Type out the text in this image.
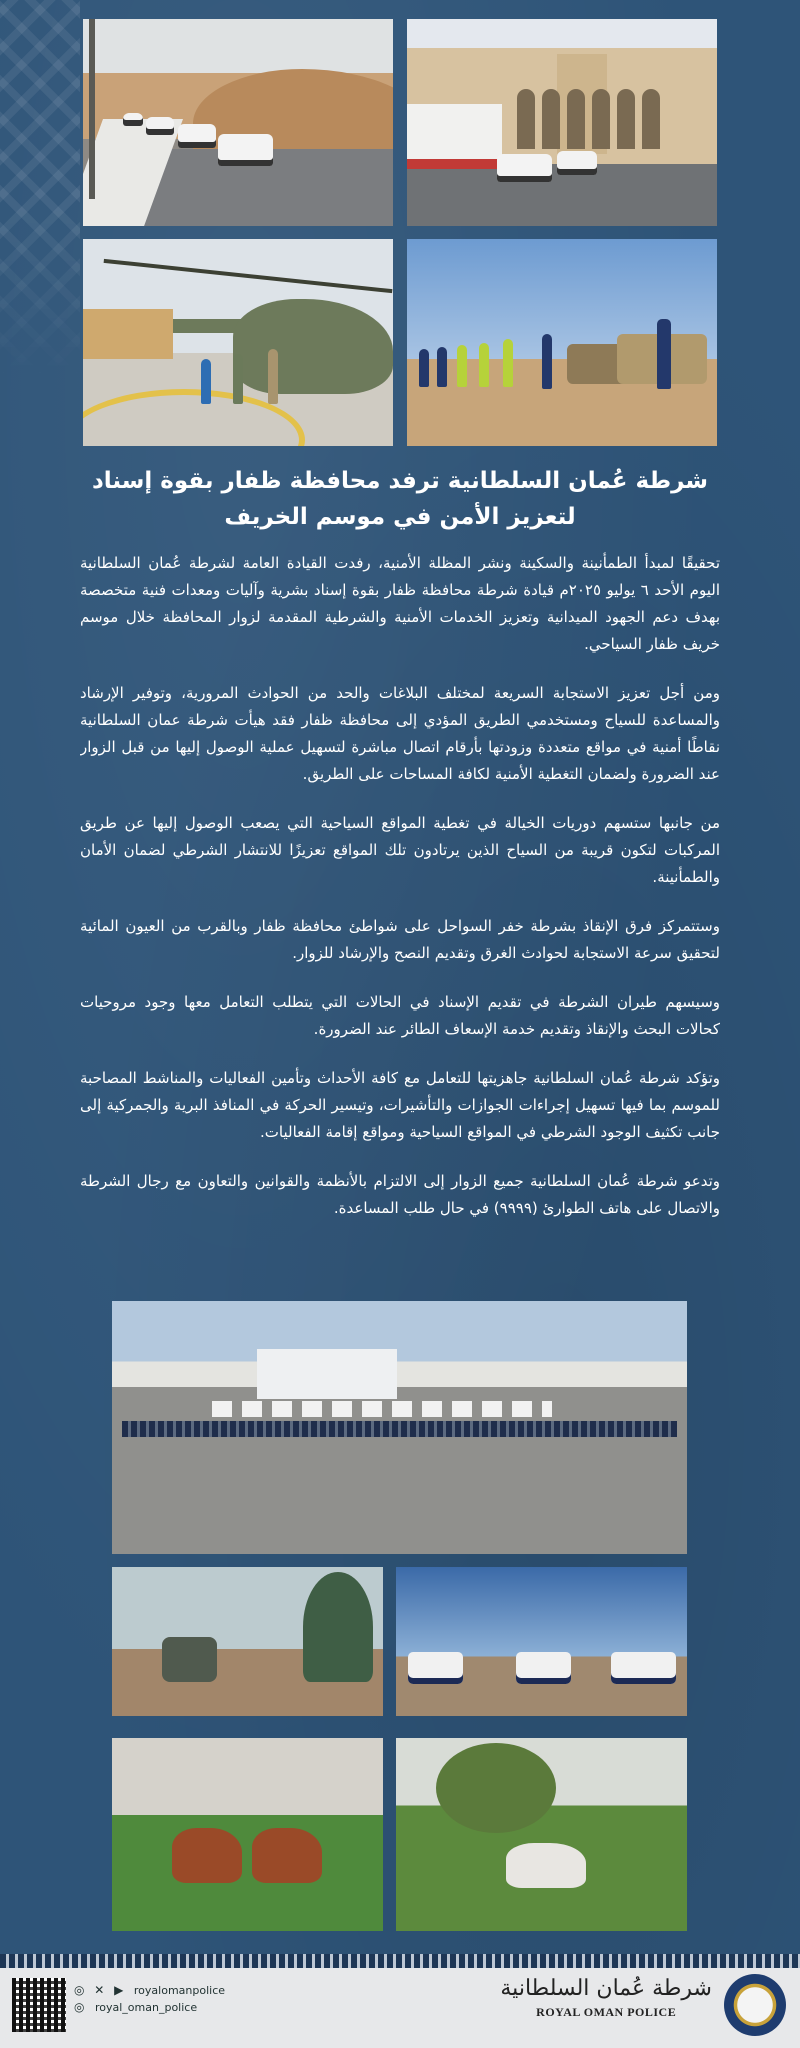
شرطة عُمان السلطانية ترفد محافظة ظفار بقوة إسناد
لتعزيز الأمن في موسم الخريف

تحقيقًا لمبدأ الطمأنينة والسكينة ونشر المظلة الأمنية، رفدت القيادة العامة لشرطة عُمان السلطانية اليوم الأحد ٦ يوليو ٢٠٢٥م قيادة شرطة محافظة ظفار بقوة إسناد بشرية وآليات ومعدات فنية متخصصة بهدف دعم الجهود الميدانية وتعزيز الخدمات الأمنية والشرطية المقدمة لزوار المحافظة خلال موسم خريف ظفار السياحي.

ومن أجل تعزيز الاستجابة السريعة لمختلف البلاغات والحد من الحوادث المرورية، وتوفير الإرشاد والمساعدة للسياح ومستخدمي الطريق المؤدي إلى محافظة ظفار فقد هيأت شرطة عمان السلطانية نقاطًا أمنية في مواقع متعددة وزودتها بأرقام اتصال مباشرة لتسهيل عملية الوصول إليها من قبل الزوار عند الضرورة ولضمان التغطية الأمنية لكافة المساحات على الطريق.

من جانبها ستسهم دوريات الخيالة في تغطية المواقع السياحية التي يصعب الوصول إليها عن طريق المركبات لتكون قريبة من السياح الذين يرتادون تلك المواقع تعزيزًا للانتشار الشرطي لضمان الأمان والطمأنينة.

وستتمركز فرق الإنقاذ بشرطة خفر السواحل على شواطئ محافظة ظفار وبالقرب من العيون المائية لتحقيق سرعة الاستجابة لحوادث الغرق وتقديم النصح والإرشاد للزوار.

وسيسهم طيران الشرطة في تقديم الإسناد في الحالات التي يتطلب التعامل معها وجود مروحيات كحالات البحث والإنقاذ وتقديم خدمة الإسعاف الطائر عند الضرورة.

وتؤكد شرطة عُمان السلطانية جاهزيتها للتعامل مع كافة الأحداث وتأمين الفعاليات والمناشط المصاحبة للموسم بما فيها تسهيل إجراءات الجوازات والتأشيرات، وتيسير الحركة في المنافذ البرية والجمركية إلى جانب تكثيف الوجود الشرطي في المواقع السياحية ومواقع إقامة الفعاليات.

وتدعو شرطة عُمان السلطانية جميع الزوار إلى الالتزام بالأنظمة والقوانين والتعاون مع رجال الشرطة والاتصال على هاتف الطوارئ (٩٩٩٩) في حال طلب المساعدة.

◎ ✕ ▶ royalomanpolice
◎ royal_oman_police
شرطة عُمان السلطانية
ROYAL OMAN POLICE
